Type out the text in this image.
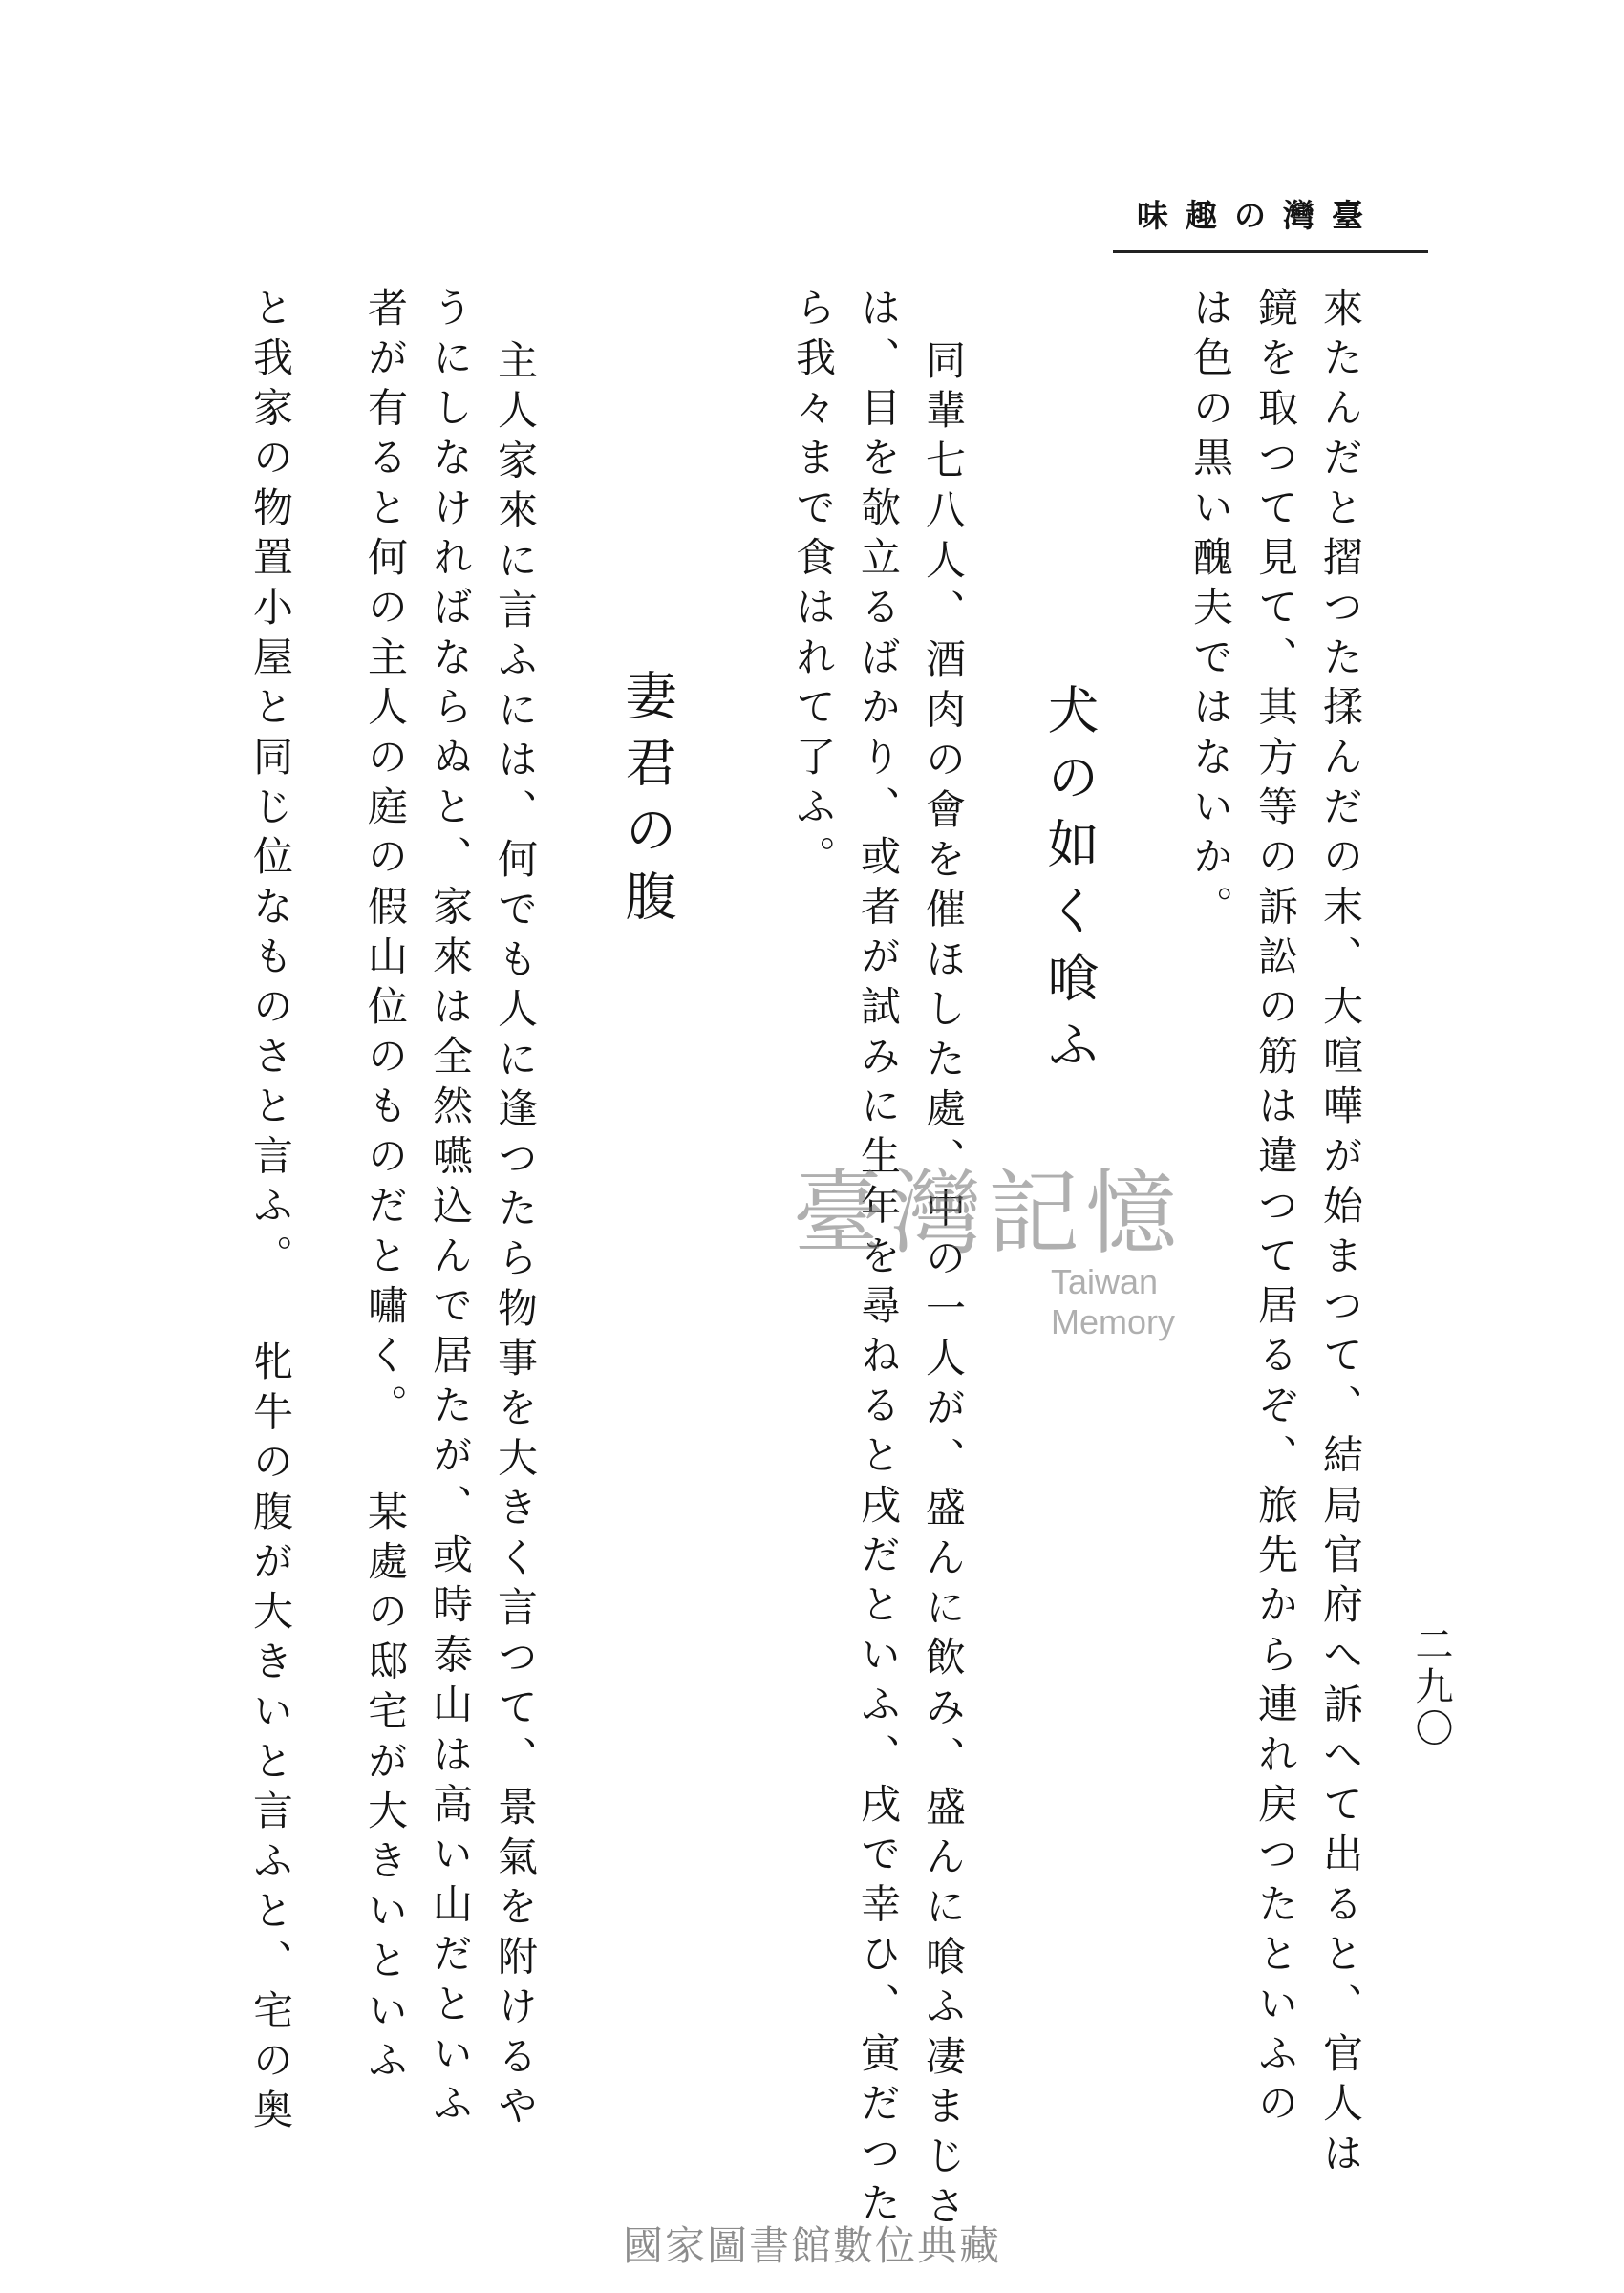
臺灣の趣味
二九〇
來たんだと摺つた揉んだの末、大喧嘩が始まつて、結局官府へ訴へて出ると、官人は
鏡を取つて見て、其方等の訴訟の筋は違つて居るぞ、旅先から連れ戻つたといふの
は色の黒い醜夫ではないか。
犬の如く喰ふ
同輩七八人、酒肉の會を催ほした處、中の一人が、盛んに飲み、盛んに喰ふ凄まじさ
は、目を欹立るばかり、或者が試みに生年を尋ねると戌だといふ、戌で幸ひ、寅だつた
ら我々まで食はれて了ふ。
妻君の腹
主人家來に言ふには、何でも人に逢つたら物事を大きく言つて、景氣を附けるや
うにしなければならぬと、家來は全然嚥込んで居たが、或時泰山は高い山だといふ
者が有ると何の主人の庭の假山位のものだと嘯く。 某處の邸宅が大きいといふ
と我家の物置小屋と同じ位なものさと言ふ。 牝牛の腹が大きいと言ふと、宅の奥	臺灣記憶
Taiwan Memory
國家圖書館數位典藏
